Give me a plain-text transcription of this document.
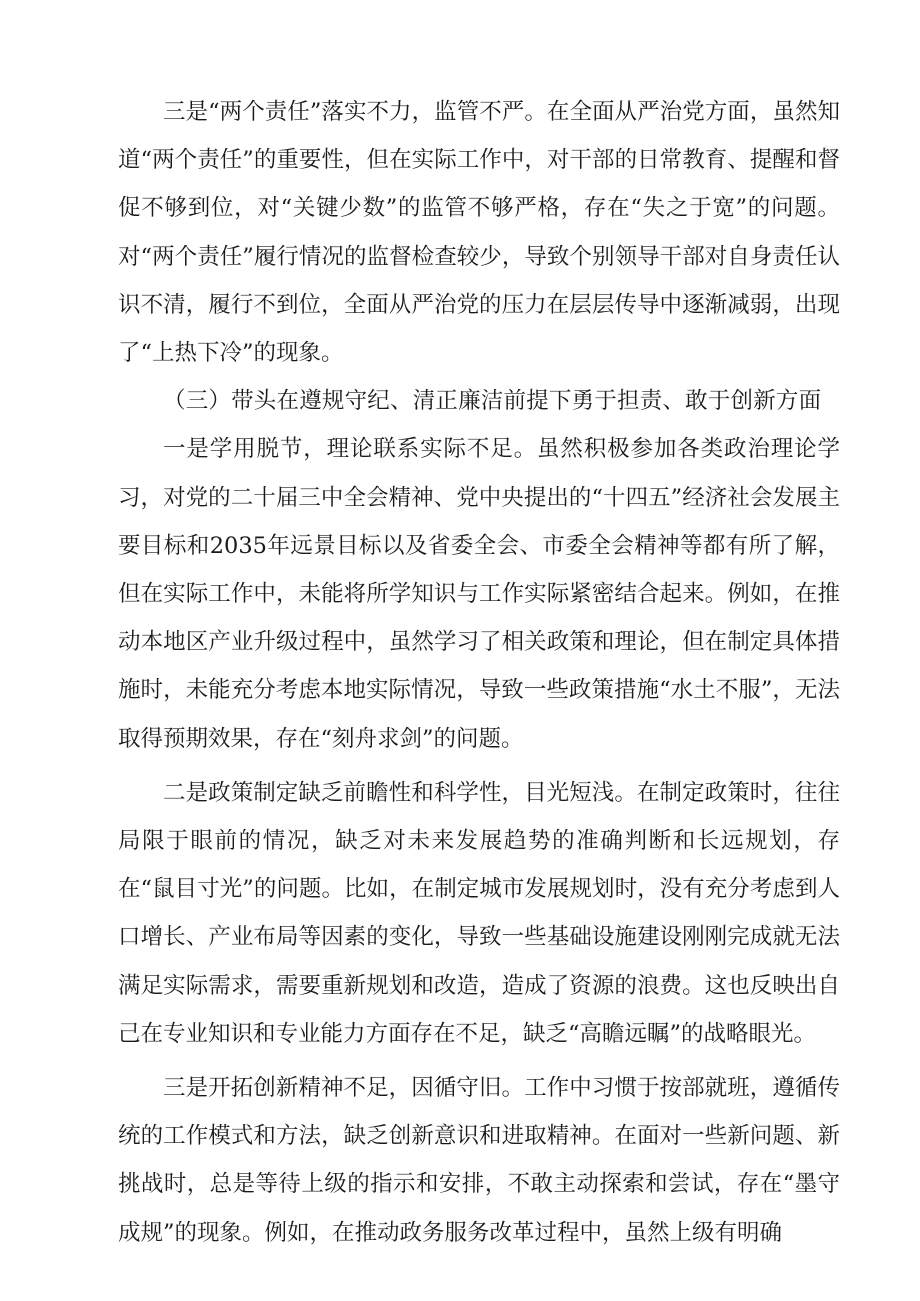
三是“两个责任”落实不力，监管不严。在全面从严治党方面，虽然知道“两个责任”的重要性，但在实际工作中，对干部的日常教育、提醒和督促不够到位，对“关键少数”的监管不够严格，存在“失之于宽”的问题。对“两个责任”履行情况的监督检查较少，导致个别领导干部对自身责任认识不清，履行不到位，全面从严治党的压力在层层传导中逐渐减弱，出现了“上热下冷”的现象。

（三）带头在遵规守纪、清正廉洁前提下勇于担责、敢于创新方面

一是学用脱节，理论联系实际不足。虽然积极参加各类政治理论学习，对党的二十届三中全会精神、党中央提出的“十四五”经济社会发展主要目标和2035年远景目标以及省委全会、市委全会精神等都有所了解，但在实际工作中，未能将所学知识与工作实际紧密结合起来。例如，在推动本地区产业升级过程中，虽然学习了相关政策和理论，但在制定具体措施时，未能充分考虑本地实际情况，导致一些政策措施“水土不服”，无法取得预期效果，存在“刻舟求剑”的问题。

二是政策制定缺乏前瞻性和科学性，目光短浅。在制定政策时，往往局限于眼前的情况，缺乏对未来发展趋势的准确判断和长远规划，存在“鼠目寸光”的问题。比如，在制定城市发展规划时，没有充分考虑到人口增长、产业布局等因素的变化，导致一些基础设施建设刚刚完成就无法满足实际需求，需要重新规划和改造，造成了资源的浪费。这也反映出自己在专业知识和专业能力方面存在不足，缺乏“高瞻远瞩”的战略眼光。

三是开拓创新精神不足，因循守旧。工作中习惯于按部就班，遵循传统的工作模式和方法，缺乏创新意识和进取精神。在面对一些新问题、新挑战时，总是等待上级的指示和安排，不敢主动探索和尝试，存在“墨守成规”的现象。例如，在推动政务服务改革过程中，虽然上级有明确
